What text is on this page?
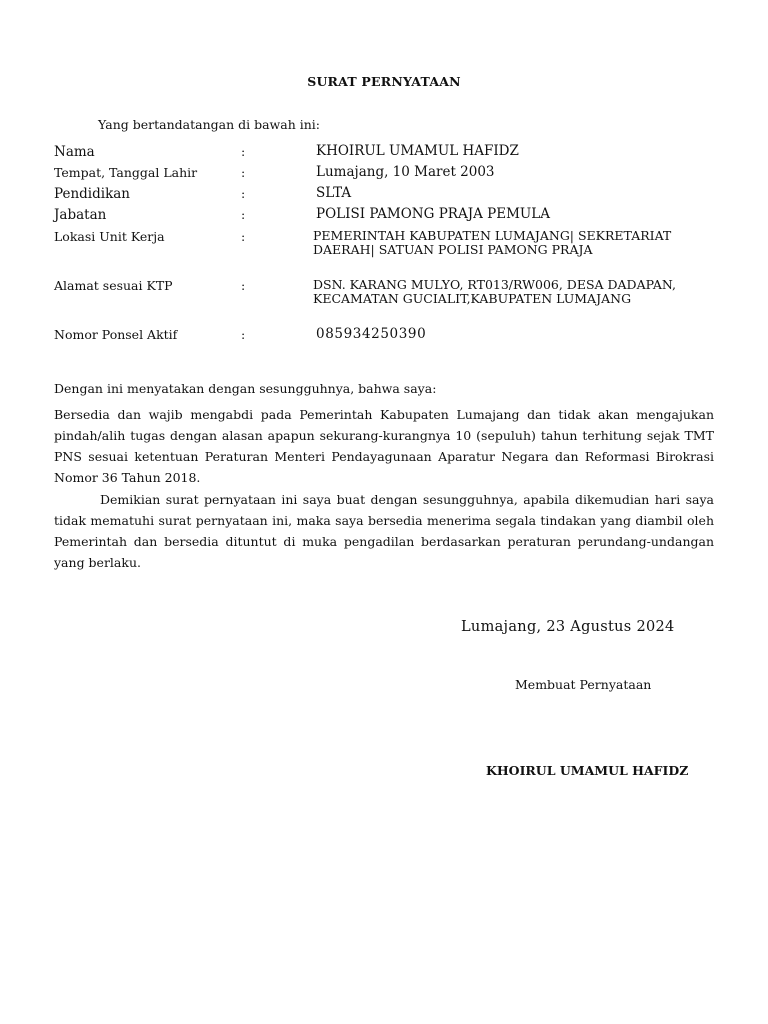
SURAT PERNYATAAN
Yang bertandatangan di bawah ini:
Nama	:	KHOIRUL UMAMUL HAFIDZ
Tempat, Tanggal Lahir	:	Lumajang, 10 Maret 2003
Pendidikan	:	SLTA
Jabatan	:	POLISI PAMONG PRAJA PEMULA
Lokasi Unit Kerja	:	PEMERINTAH KABUPATEN LUMAJANG| SEKRETARIAT DAERAH| SATUAN POLISI PAMONG PRAJA
Alamat sesuai KTP	:	DSN. KARANG MULYO, RT013/RW006, DESA DADAPAN, KECAMATAN GUCIALIT,KABUPATEN LUMAJANG
Nomor Ponsel Aktif	:	085934250390
Dengan ini menyatakan dengan sesungguhnya, bahwa saya:

Bersedia dan wajib mengabdi pada Pemerintah Kabupaten Lumajang dan tidak akan mengajukan pindah/alih tugas dengan alasan apapun sekurang-kurangnya 10 (sepuluh) tahun terhitung sejak TMT PNS sesuai ketentuan Peraturan Menteri Pendayagunaan Aparatur Negara dan Reformasi Birokrasi Nomor 36 Tahun 2018.

Demikian surat pernyataan ini saya buat dengan sesungguhnya, apabila dikemudian hari saya tidak mematuhi surat pernyataan ini, maka saya bersedia menerima segala tindakan yang diambil oleh Pemerintah dan bersedia dituntut di muka pengadilan berdasarkan peraturan perundang-undangan yang berlaku.

Lumajang, 23 Agustus 2024
Membuat Pernyataan
KHOIRUL UMAMUL HAFIDZ
